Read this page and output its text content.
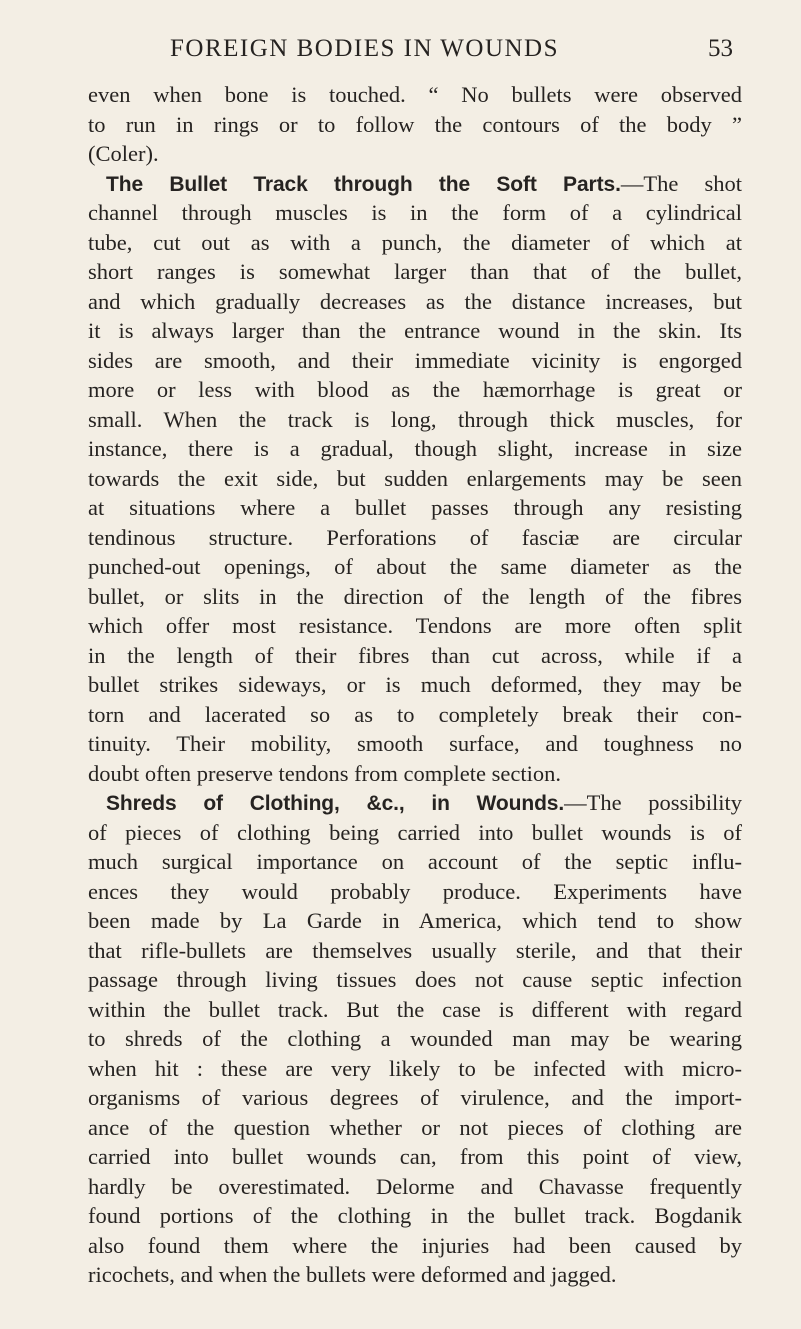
FOREIGN BODIES IN WOUNDS	53
even when bone is touched. “ No bullets were observed
to run in rings or to follow the contours of the body ”
(Coler).
The Bullet Track through the Soft Parts.—The shot
channel through muscles is in the form of a cylindrical
tube, cut out as with a punch, the diameter of which at
short ranges is somewhat larger than that of the bullet,
and which gradually decreases as the distance increases, but
it is always larger than the entrance wound in the skin. Its
sides are smooth, and their immediate vicinity is engorged
more or less with blood as the hæmorrhage is great or
small. When the track is long, through thick muscles, for
instance, there is a gradual, though slight, increase in size
towards the exit side, but sudden enlargements may be seen
at situations where a bullet passes through any resisting
tendinous structure. Perforations of fasciæ are circular
punched-out openings, of about the same diameter as the
bullet, or slits in the direction of the length of the fibres
which offer most resistance. Tendons are more often split
in the length of their fibres than cut across, while if a
bullet strikes sideways, or is much deformed, they may be
torn and lacerated so as to completely break their con-
tinuity. Their mobility, smooth surface, and toughness no
doubt often preserve tendons from complete section.
Shreds of Clothing, &c., in Wounds.—The possibility
of pieces of clothing being carried into bullet wounds is of
much surgical importance on account of the septic influ-
ences they would probably produce. Experiments have
been made by La Garde in America, which tend to show
that rifle-bullets are themselves usually sterile, and that their
passage through living tissues does not cause septic infection
within the bullet track. But the case is different with regard
to shreds of the clothing a wounded man may be wearing
when hit : these are very likely to be infected with micro-
organisms of various degrees of virulence, and the import-
ance of the question whether or not pieces of clothing are
carried into bullet wounds can, from this point of view,
hardly be overestimated. Delorme and Chavasse frequently
found portions of the clothing in the bullet track. Bogdanik
also found them where the injuries had been caused by
ricochets, and when the bullets were deformed and jagged.
